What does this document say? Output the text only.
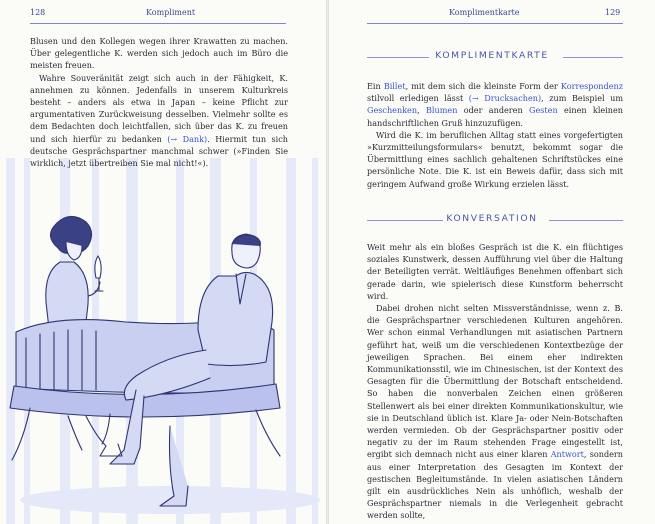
128	Kompliment

Blusen und den Kollegen wegen ihrer Krawatten zu machen. Über gelegentliche K. werden sich jedoch auch im Büro die meisten freuen.

Wahre Souveränität zeigt sich auch in der Fähigkeit, K. annehmen zu können. Jedenfalls in unserem Kulturkreis besteht – anders als etwa in Japan – keine Pflicht zur argumentativen Zurückweisung desselben. Vielmehr sollte es dem Bedachten doch leichtfallen, sich über das K. zu freuen und sich hierfür zu bedanken (→ Dank). Hiermit tun sich deutsche Gesprächspartner manchmal schwer (»Finden Sie wirklich, jetzt übertreiben Sie mal nicht!«).

Komplimentkarte	129
KOMPLIMENTKARTE

Ein Billet, mit dem sich die kleinste Form der Korrespondenz stilvoll erledigen lässt (→ Drucksachen), zum Beispiel um Geschenken, Blumen oder anderen Gesten einen kleinen handschriftlichen Gruß hinzuzufügen.

Wird die K. im beruflichen Alltag statt eines vorgefertigten »Kurzmitteilungsformulars« benutzt, bekommt sogar die Übermittlung eines sachlich gehaltenen Schriftstückes eine persönliche Note. Die K. ist ein Beweis dafür, dass sich mit geringem Aufwand große Wirkung erzielen lässt.

KONVERSATION

Weit mehr als ein bloßes Gespräch ist die K. ein flüchtiges soziales Kunstwerk, dessen Aufführung viel über die Haltung der Beteiligten verrät. Weltläufiges Benehmen offenbart sich gerade darin, wie spielerisch diese Kunstform beherrscht wird.

Dabei drohen nicht selten Missverständnisse, wenn z. B. die Gesprächspartner verschiedenen Kulturen angehören. Wer schon einmal Verhandlungen mit asiatischen Partnern geführt hat, weiß um die verschiedenen Kontextbezüge der jeweiligen Sprachen. Bei einem eher indirekten Kommunikationsstil, wie im Chinesischen, ist der Kontext des Gesagten für die Übermittlung der Botschaft entscheidend. So haben die nonverbalen Zeichen einen größeren Stellenwert als bei einer direkten Kommunikationskultur, wie sie in Deutschland üblich ist. Klare Ja- oder Nein-Botschaften werden vermieden. Ob der Gesprächspartner positiv oder negativ zu der im Raum stehenden Frage eingestellt ist, ergibt sich demnach nicht aus einer klaren Antwort, sondern aus einer Interpretation des Gesagten im Kontext der gestischen Begleitumstände. In vielen asiatischen Ländern gilt ein ausdrückliches Nein als unhöflich, weshalb der Gesprächspartner niemals in die Verlegenheit gebracht werden sollte,
